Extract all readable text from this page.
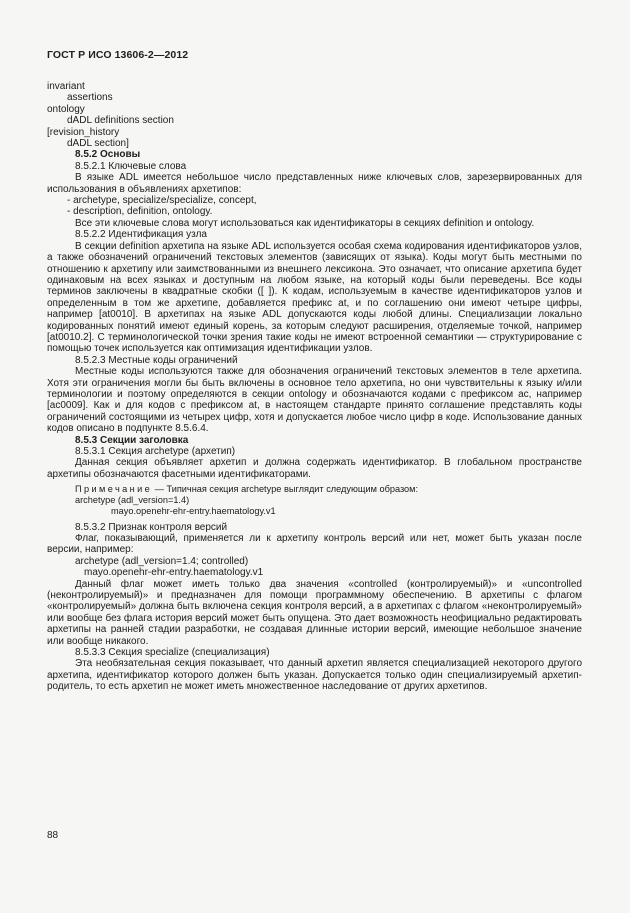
ГОСТ Р ИСО 13606-2—2012
invariant
assertions
ontology
dADL definitions section
[revision_history
dADL section]
8.5.2 Основы
8.5.2.1 Ключевые слова
В языке ADL имеется небольшое число представленных ниже ключевых слов, зарезервированных для использования в объявлениях архетипов:
- archetype, specialize/specialize, concept,
- description, definition, ontology.
Все эти ключевые слова могут использоваться как идентификаторы в секциях definition и ontology.
8.5.2.2 Идентификация узла
В секции definition архетипа на языке ADL используется особая схема кодирования идентификаторов узлов, а также обозначений ограничений текстовых элементов (зависящих от языка). Коды могут быть местными по отношению к архетипу или заимствованными из внешнего лексикона. Это означает, что описание архетипа будет одинаковым на всех языках и доступным на любом языке, на который коды были переведены. Все коды терминов заключены в квадратные скобки ([ ]). К кодам, используемым в качестве идентификаторов узлов и определенным в том же архетипе, добавляется префикс at, и по соглашению они имеют четыре цифры, например [at0010]. В архетипах на языке ADL допускаются коды любой длины. Специализации локально кодированных понятий имеют единый корень, за которым следуют расширения, отделяемые точкой, например [at0010.2]. С терминологической точки зрения такие коды не имеют встроенной семантики — структурирование с помощью точек используется как оптимизация идентификации узлов.
8.5.2.3 Местные коды ограничений
Местные коды используются также для обозначения ограничений текстовых элементов в теле архетипа. Хотя эти ограничения могли бы быть включены в основное тело архетипа, но они чувствительны к языку и/или терминологии и поэтому определяются в секции ontology и обозначаются кодами с префиксом ac, например [ac0009]. Как и для кодов с префиксом at, в настоящем стандарте принято соглашение представлять коды ограничений состоящими из четырех цифр, хотя и допускается любое число цифр в коде. Использование данных кодов описано в подпункте 8.5.6.4.
8.5.3 Секции заголовка
8.5.3.1 Секция archetype (архетип)
Данная секция объявляет архетип и должна содержать идентификатор. В глобальном пространстве архетипы обозначаются фасетными идентификаторами.
Примечание — Типичная секция archetype выглядит следующим образом:
archetype (adl_version=1.4)
mayo.openehr-ehr-entry.haematology.v1
8.5.3.2 Признак контроля версий
Флаг, показывающий, применяется ли к архетипу контроль версий или нет, может быть указан после версии, например:
archetype (adl_version=1.4; controlled)
mayo.openehr-ehr-entry.haematology.v1
Данный флаг может иметь только два значения «controlled (контролируемый)» и «uncontrolled (неконтролируемый)» и предназначен для помощи программному обеспечению. В архетипы с флагом «контролируемый» должна быть включена секция контроля версий, а в архетипах с флагом «неконтролируемый» или вообще без флага история версий может быть опущена. Это дает возможность неофициально редактировать архетипы на ранней стадии разработки, не создавая длинные истории версий, имеющие небольшое значение или вообще никакого.
8.5.3.3 Секция specialize (специализация)
Эта необязательная секция показывает, что данный архетип является специализацией некоторого другого архетипа, идентификатор которого должен быть указан. Допускается только один специализируемый архетип-родитель, то есть архетип не может иметь множественное наследование от других архетипов.
88
